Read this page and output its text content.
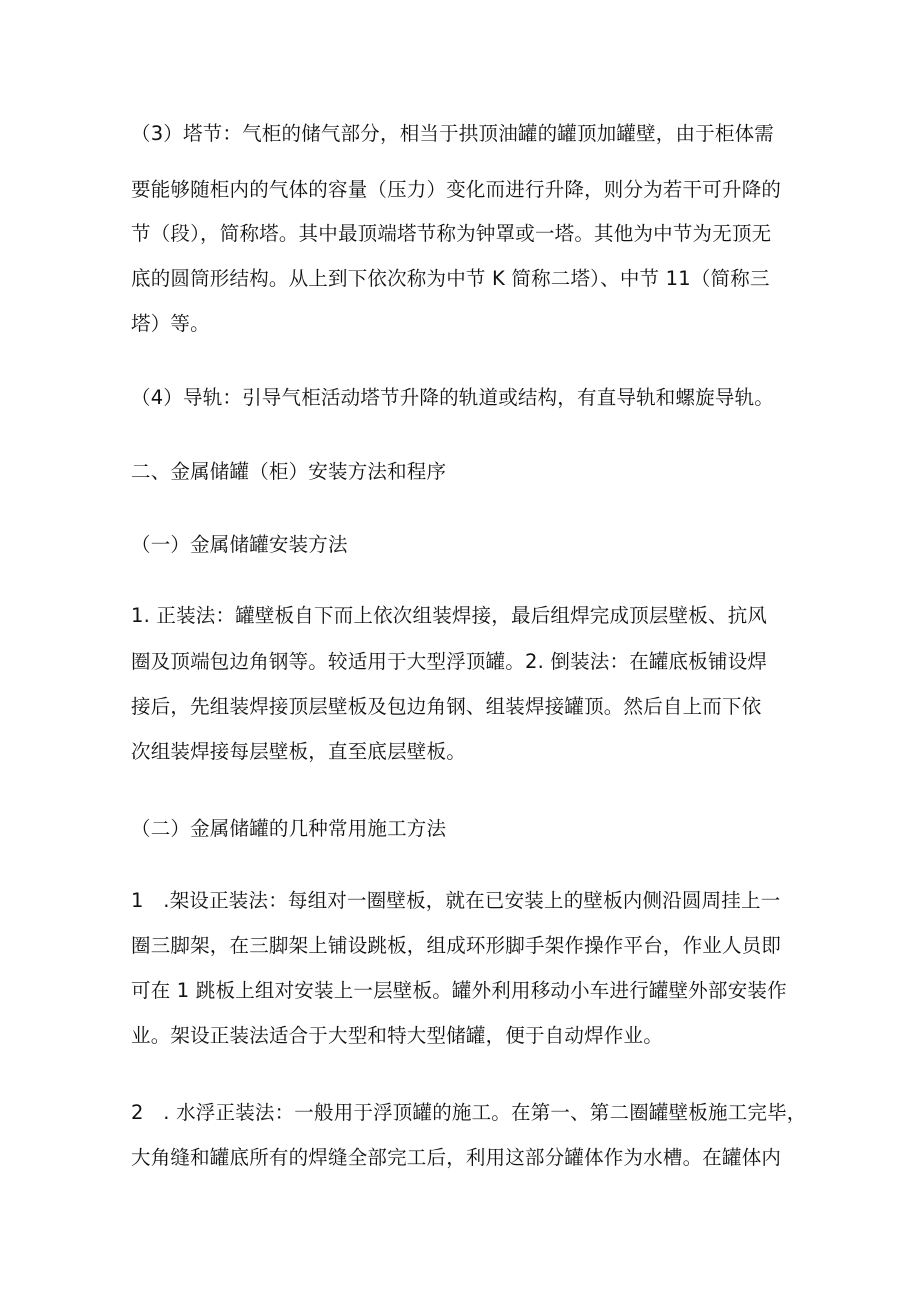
（3）塔节：气柜的储气部分，相当于拱顶油罐的罐顶加罐壁，由于柜体需
要能够随柜内的气体的容量（压力）变化而进行升降，则分为若干可升降的
节（段），简称塔。其中最顶端塔节称为钟罩或一塔。其他为中节为无顶无
底的圆筒形结构。从上到下依次称为中节 K 简称二塔）、中节 11（简称三
塔）等。
（4）导轨：引导气柜活动塔节升降的轨道或结构，有直导轨和螺旋导轨。
二、金属储罐（柜）安装方法和程序
（一）金属储罐安装方法
1. 正装法：罐壁板自下而上依次组装焊接，最后组焊完成顶层壁板、抗风
圈及顶端包边角钢等。较适用于大型浮顶罐。2. 倒装法：在罐底板铺设焊
接后，先组装焊接顶层壁板及包边角钢、组装焊接罐顶。然后自上而下依
次组装焊接每层壁板，直至底层壁板。
（二）金属储罐的几种常用施工方法
1　.架设正装法：每组对一圈壁板，就在已安装上的壁板内侧沿圆周挂上一
圈三脚架，在三脚架上铺设跳板，组成环形脚手架作操作平台，作业人员即
可在 1 跳板上组对安装上一层壁板。罐外利用移动小车进行罐壁外部安装作
业。架设正装法适合于大型和特大型储罐，便于自动焊作业。
2　. 水浮正装法：一般用于浮顶罐的施工。在第一、第二圈罐壁板施工完毕，
大角缝和罐底所有的焊缝全部完工后，利用这部分罐体作为水槽。在罐体内
